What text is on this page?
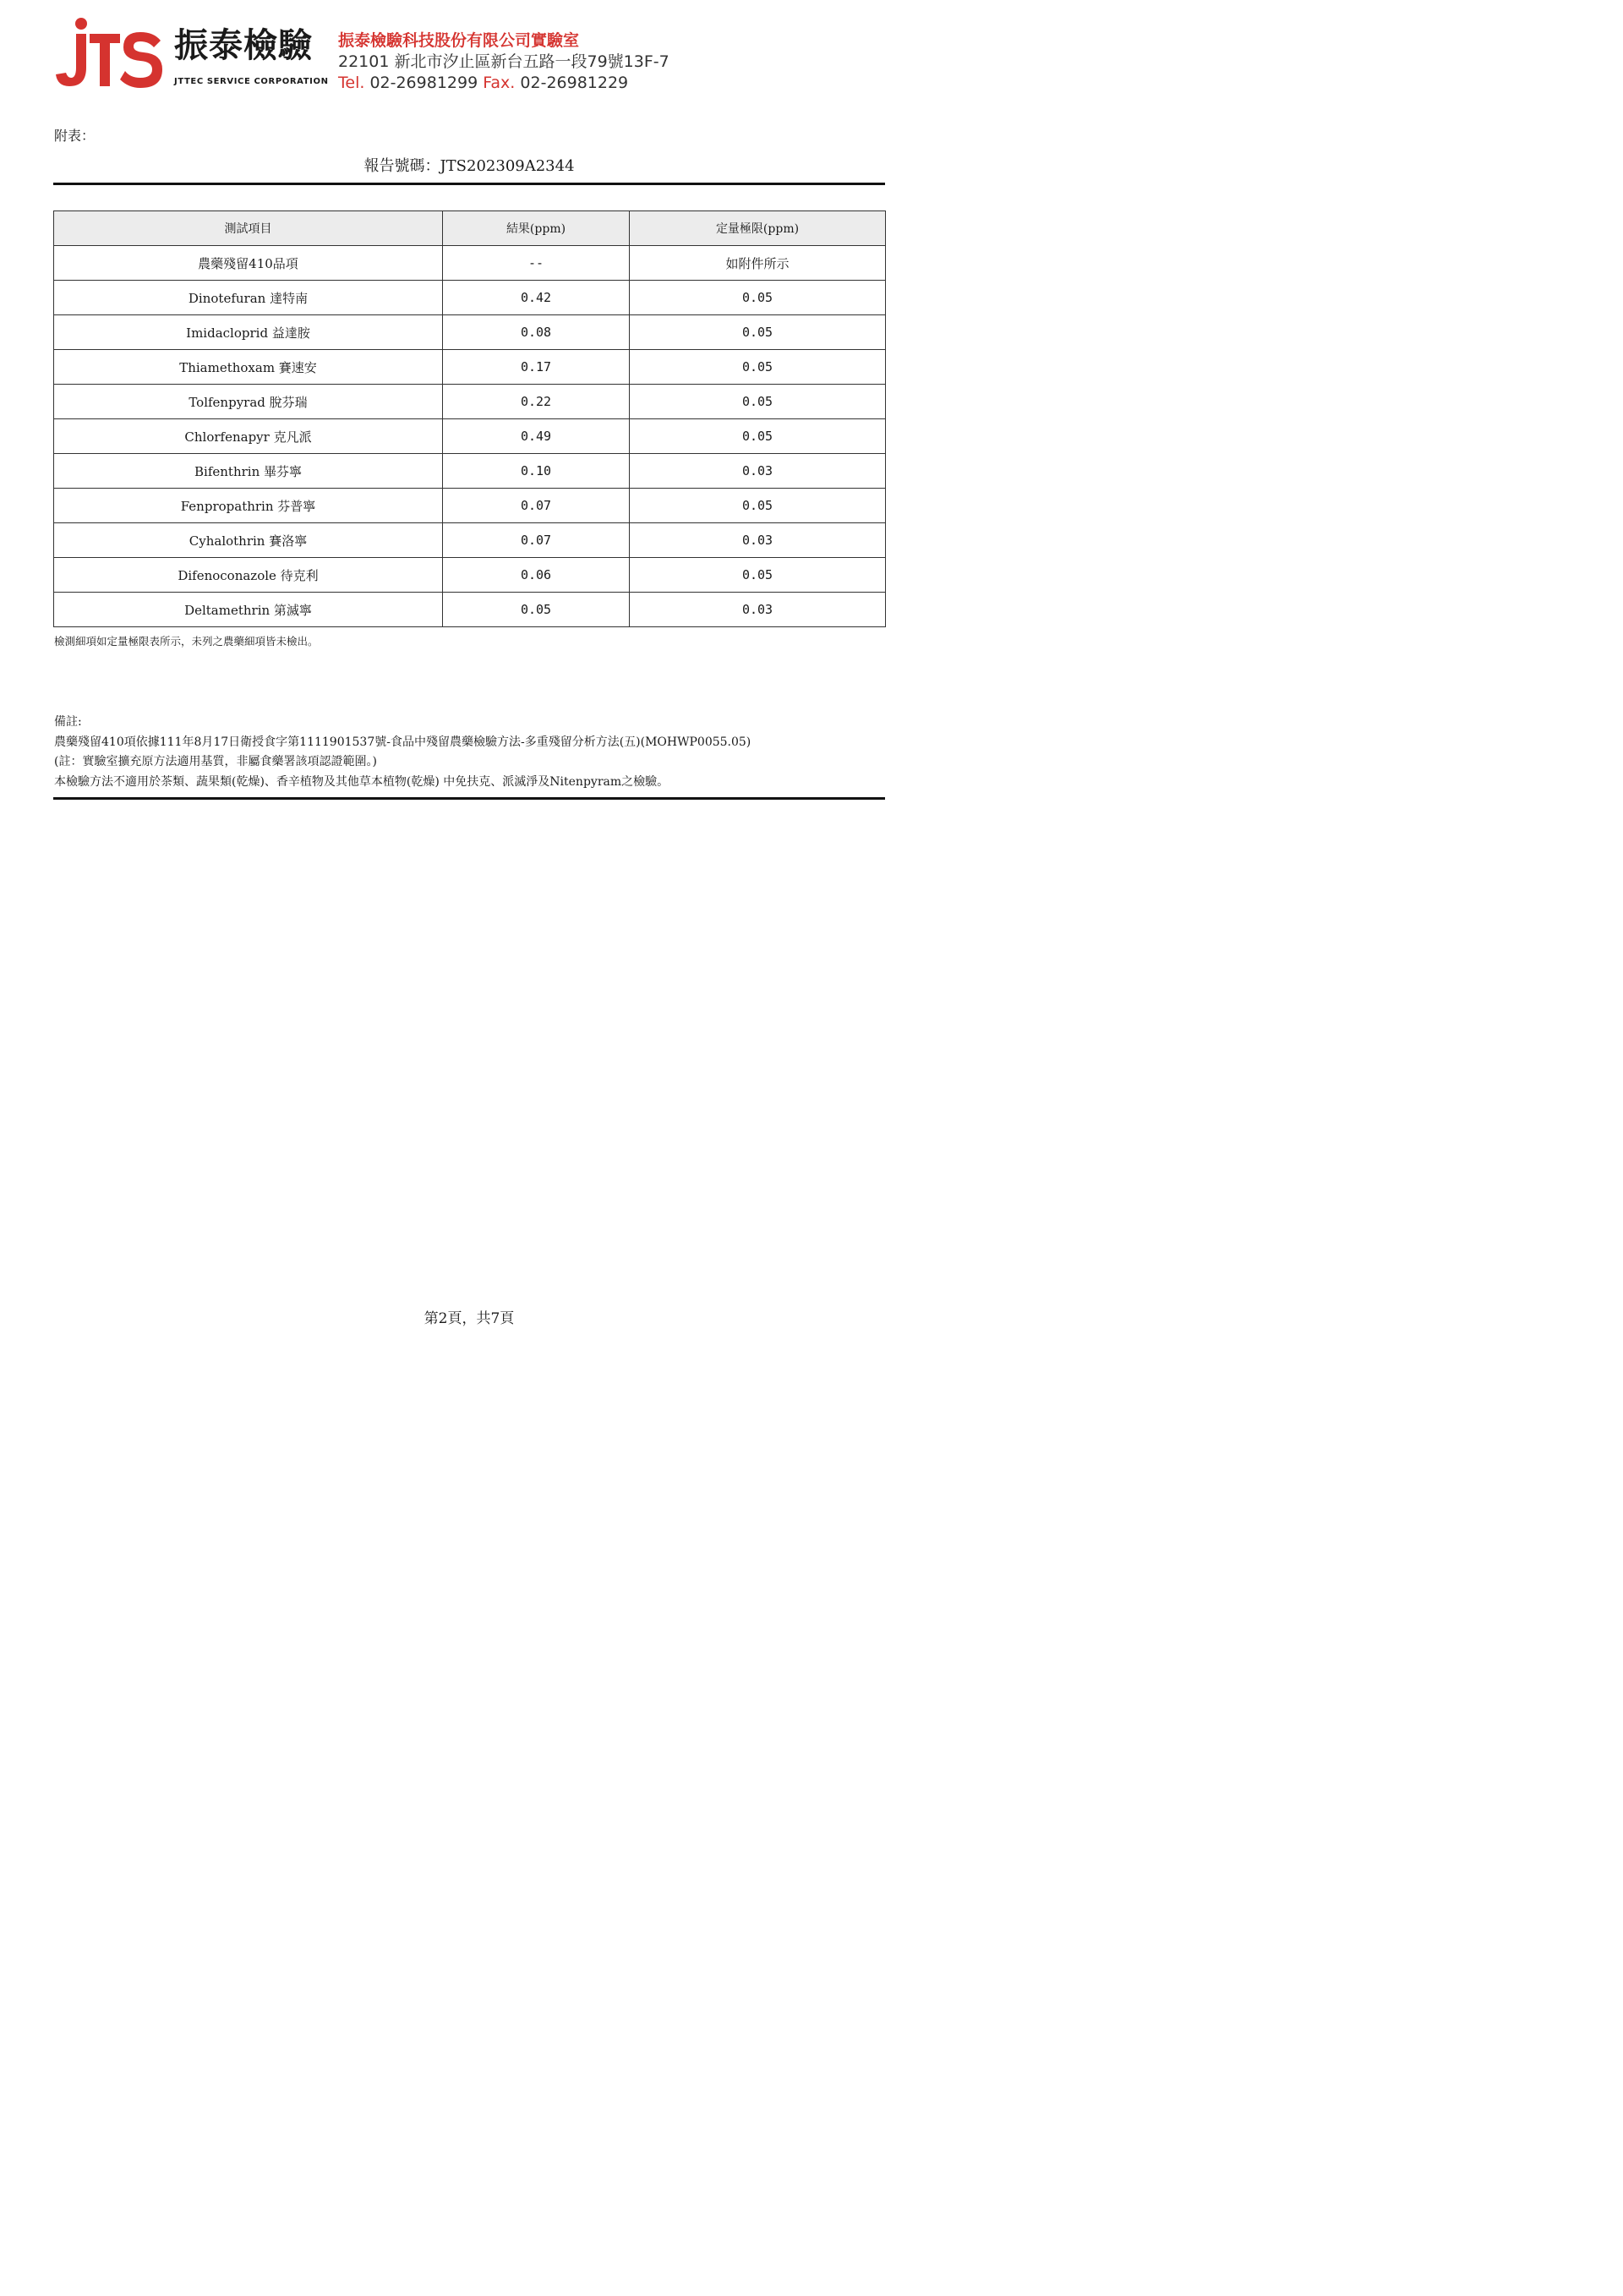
振泰檢驗
JTTEC SERVICE CORPORATION
振泰檢驗科技股份有限公司實驗室
22101 新北市汐止區新台五路一段79號13F-7
Tel. 02-26981299 Fax. 02-26981229
附表：
報告號碼：JTS202309A2344
測試項目	結果(ppm)	定量極限(ppm)
農藥殘留410品項	--	如附件所示
Dinotefuran 達特南	0.42	0.05
Imidacloprid 益達胺	0.08	0.05
Thiamethoxam 賽速安	0.17	0.05
Tolfenpyrad 脫芬瑞	0.22	0.05
Chlorfenapyr 克凡派	0.49	0.05
Bifenthrin 畢芬寧	0.10	0.03
Fenpropathrin 芬普寧	0.07	0.05
Cyhalothrin 賽洛寧	0.07	0.03
Difenoconazole 待克利	0.06	0.05
Deltamethrin 第滅寧	0.05	0.03
檢測細項如定量極限表所示，未列之農藥細項皆未檢出。
備註:
農藥殘留410項依據111年8月17日衛授食字第1111901537號-食品中殘留農藥檢驗方法-多重殘留分析方法(五)(MOHWP0055.05)
(註：實驗室擴充原方法適用基質，非屬食藥署該項認證範圍。)
本檢驗方法不適用於茶類、蔬果類(乾燥)、香辛植物及其他草本植物(乾燥) 中免扶克、派滅淨及Nitenpyram之檢驗。
第2頁，共7頁
